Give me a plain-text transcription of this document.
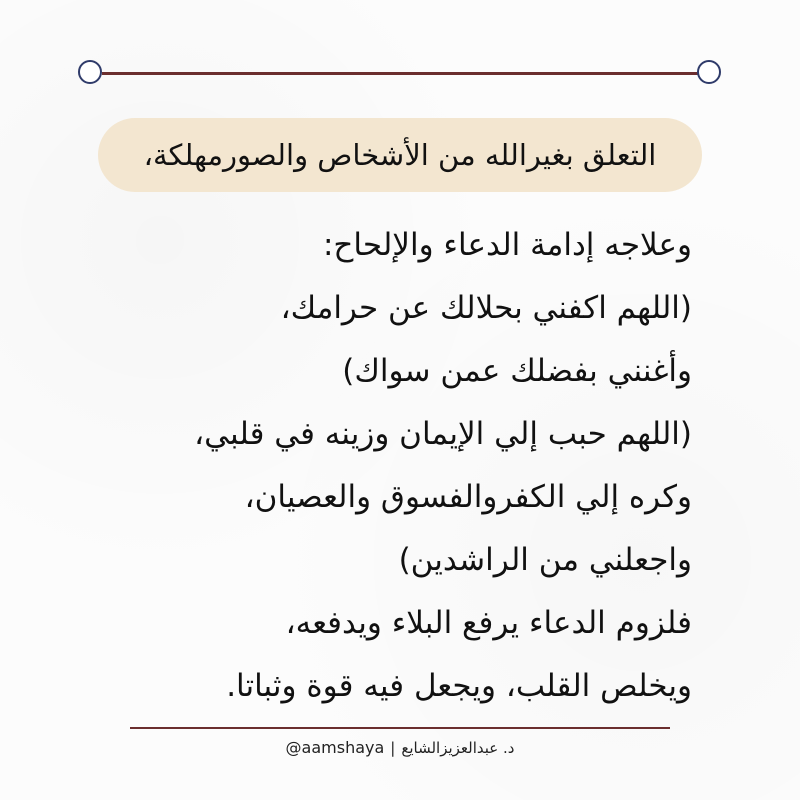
التعلق بغيرالله من الأشخاص والصورمهلكة،
وعلاجه إدامة الدعاء والإلحاح:
(اللهم اكفني بحلالك عن حرامك،
وأغنني بفضلك عمن سواك)
(اللهم حبب إلي الإيمان وزينه في قلبي،
وكره إلي الكفروالفسوق والعصيان،
واجعلني من الراشدين)
فلزوم الدعاء يرفع البلاء ويدفعه،
ويخلص القلب، ويجعل فيه قوة وثباتا.
@aamshaya | د. عبدالعزيزالشايع
